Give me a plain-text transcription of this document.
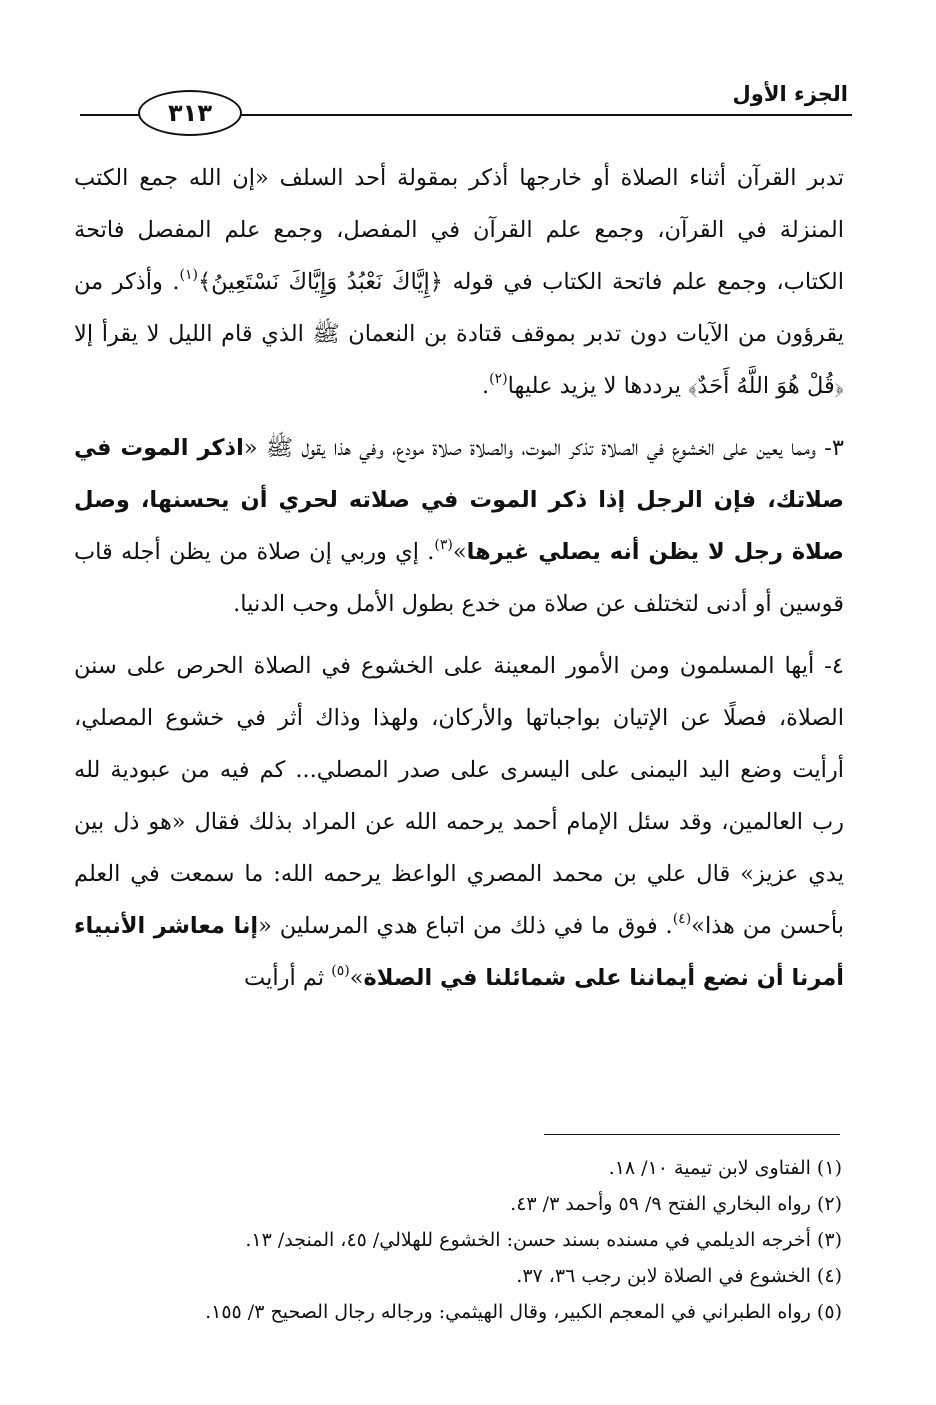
الجزء الأول
٣١٣

تدبر القرآن أثناء الصلاة أو خارجها أذكر بمقولة أحد السلف «إن الله جمع الكتب المنزلة في القرآن، وجمع علم القرآن في المفصل، وجمع علم المفصل فاتحة الكتاب، وجمع علم فاتحة الكتاب في قوله ﴿إِيَّاكَ نَعْبُدُ وَإِيَّاكَ نَسْتَعِينُ﴾$^{(١)}$. وأذكر من يقرؤون من الآيات دون تدبر بموقف قتادة بن النعمان ﷺ الذي قام الليل لا يقرأ إلا ﴿قُلْ هُوَ اللَّهُ أَحَدٌ﴾ يرددها لا يزيد عليها$^{(٢)}$.

٣- ومما يعين على الخشوع في الصلاة تذكر الموت، والصلاة صلاة مودع، وفي هذا يقول ﷺ «اذكر الموت في صلاتك، فإن الرجل إذا ذكر الموت في صلاته لحري أن يحسنها، وصل صلاة رجل لا يظن أنه يصلي غيرها»$^{(٣)}$. إي وربي إن صلاة من يظن أجله قاب قوسين أو أدنى لتختلف عن صلاة من خدع بطول الأمل وحب الدنيا.

٤- أيها المسلمون ومن الأمور المعينة على الخشوع في الصلاة الحرص على سنن الصلاة، فصلًا عن الإتيان بواجباتها والأركان، ولهذا وذاك أثر في خشوع المصلي، أرأيت وضع اليد اليمنى على اليسرى على صدر المصلي... كم فيه من عبودية لله رب العالمين، وقد سئل الإمام أحمد يرحمه الله عن المراد بذلك فقال «هو ذل بين يدي عزيز» قال علي بن محمد المصري الواعظ يرحمه الله: ما سمعت في العلم بأحسن من هذا»$^{(٤)}$. فوق ما في ذلك من اتباع هدي المرسلين «إنا معاشر الأنبياء أمرنا أن نضع أيماننا على شمائلنا في الصلاة»$^{(٥)}$ ثم أرأيت

(١) الفتاوى لابن تيمية ١٠/ ١٨.

(٢) رواه البخاري الفتح ٩/ ٥٩ وأحمد ٣/ ٤٣.

(٣) أخرجه الديلمي في مسنده بسند حسن: الخشوع للهلالي/ ٤٥، المنجد/ ١٣.

(٤) الخشوع في الصلاة لابن رجب ٣٦، ٣٧.

(٥) رواه الطبراني في المعجم الكبير، وقال الهيثمي: ورجاله رجال الصحيح ٣/ ١٥٥.
